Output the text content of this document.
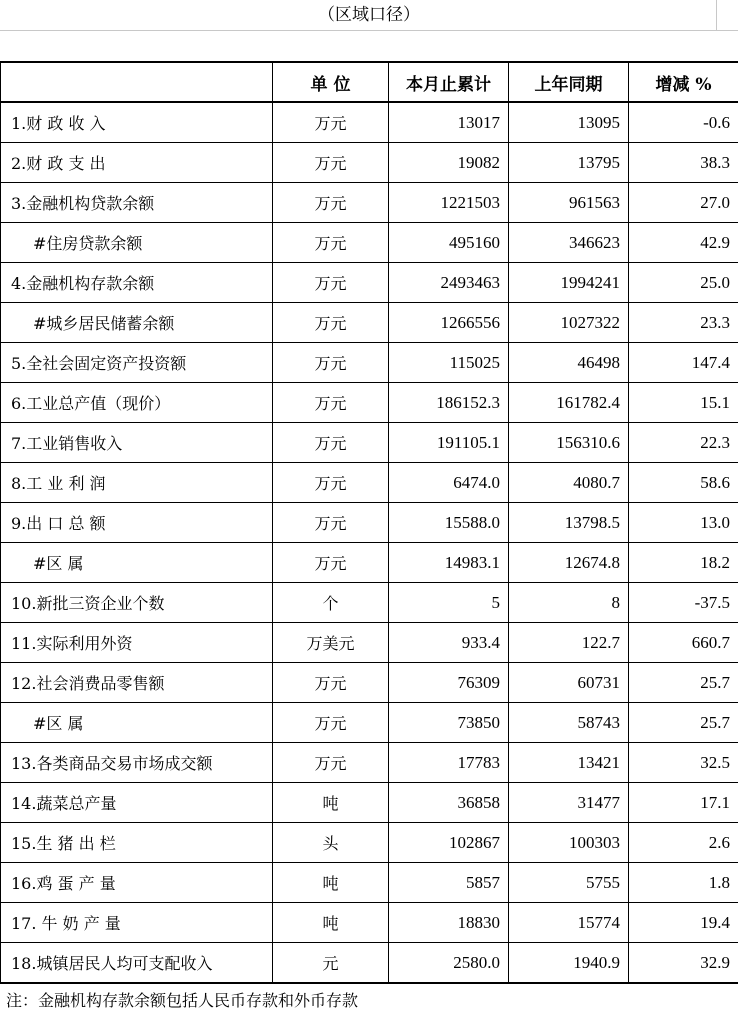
（区域口径）
	单 位	本月止累计	上年同期	增减 %
1.财 政 收 入	万元	13017	13095	-0.6
2.财 政 支 出	万元	19082	13795	38.3
3.金融机构贷款余额	万元	1221503	961563	27.0
#住房贷款余额	万元	495160	346623	42.9
4.金融机构存款余额	万元	2493463	1994241	25.0
#城乡居民储蓄余额	万元	1266556	1027322	23.3
5.全社会固定资产投资额	万元	115025	46498	147.4
6.工业总产值（现价）	万元	186152.3	161782.4	15.1
7.工业销售收入	万元	191105.1	156310.6	22.3
8.工 业 利 润	万元	6474.0	4080.7	58.6
9.出 口 总 额	万元	15588.0	13798.5	13.0
#区 属	万元	14983.1	12674.8	18.2
10.新批三资企业个数	个	5	8	-37.5
11.实际利用外资	万美元	933.4	122.7	660.7
12.社会消费品零售额	万元	76309	60731	25.7
#区 属	万元	73850	58743	25.7
13.各类商品交易市场成交额	万元	17783	13421	32.5
14.蔬菜总产量	吨	36858	31477	17.1
15.生 猪 出 栏	头	102867	100303	2.6
16.鸡 蛋 产 量	吨	5857	5755	1.8
17. 牛 奶 产 量	吨	18830	15774	19.4
18.城镇居民人均可支配收入	元	2580.0	1940.9	32.9
注：金融机构存款余额包括人民币存款和外币存款
